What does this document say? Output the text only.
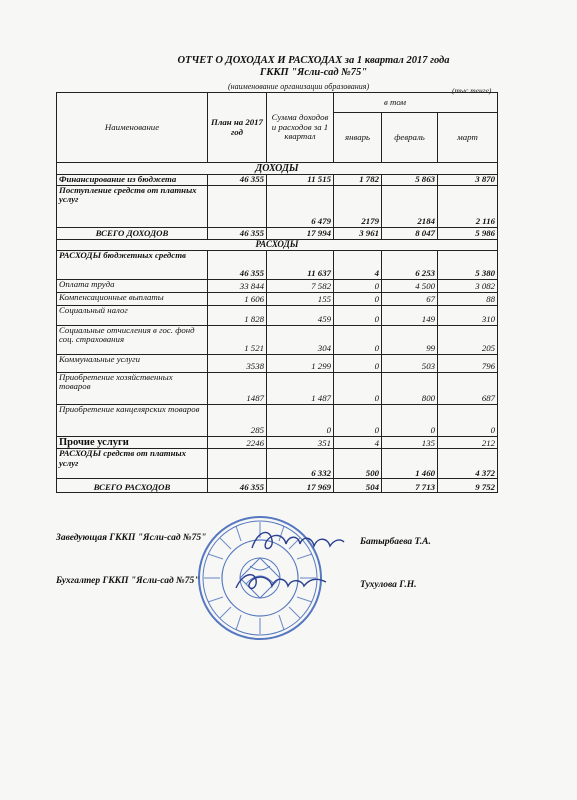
ОТЧЕТ О ДОХОДАХ И РАСХОДАХ за 1 квартал 2017 года
ГККП "Ясли-сад №75"
(наименование организации образования)	(тыс.тенге)
Наименование	План на 2017 год	Сумма доходов и расходов за 1 квартал	в том		
			январь	февраль	март
ДОХОДЫ					
Финансирование из бюджета	46 355	11 515	1 782	5 863	3 870
Поступление средств от платных услуг		6 479	2179	2184	2 116
ВСЕГО ДОХОДОВ	46 355	17 994	3 961	8 047	5 986
РАСХОДЫ					
РАСХОДЫ бюджетных средств	46 355	11 637	4	6 253	5 380
Оплата труда	33 844	7 582	0	4 500	3 082
Компенсационные выплаты	1 606	155	0	67	88
Социальный налог	1 828	459	0	149	310
Социальные отчисления в гос. фонд соц. страхования	1 521	304	0	99	205
Коммунальные услуги	3538	1 299	0	503	796
Приобретение хозяйственных товаров	1487	1 487	0	800	687
Приобретение канцелярских товаров	285	0	0	0	0
Прочие услуги	2246	351	4	135	212
РАСХОДЫ средств от платных услуг		6 332	500	1 460	4 372
ВСЕГО РАСХОДОВ	46 355	17 969	504	7 713	9 752
Заведующая ГККП "Ясли-сад №75"	Батырбаева Т.А.
Бухгалтер ГККП "Ясли-сад №75"	Тухулова Г.Н.
